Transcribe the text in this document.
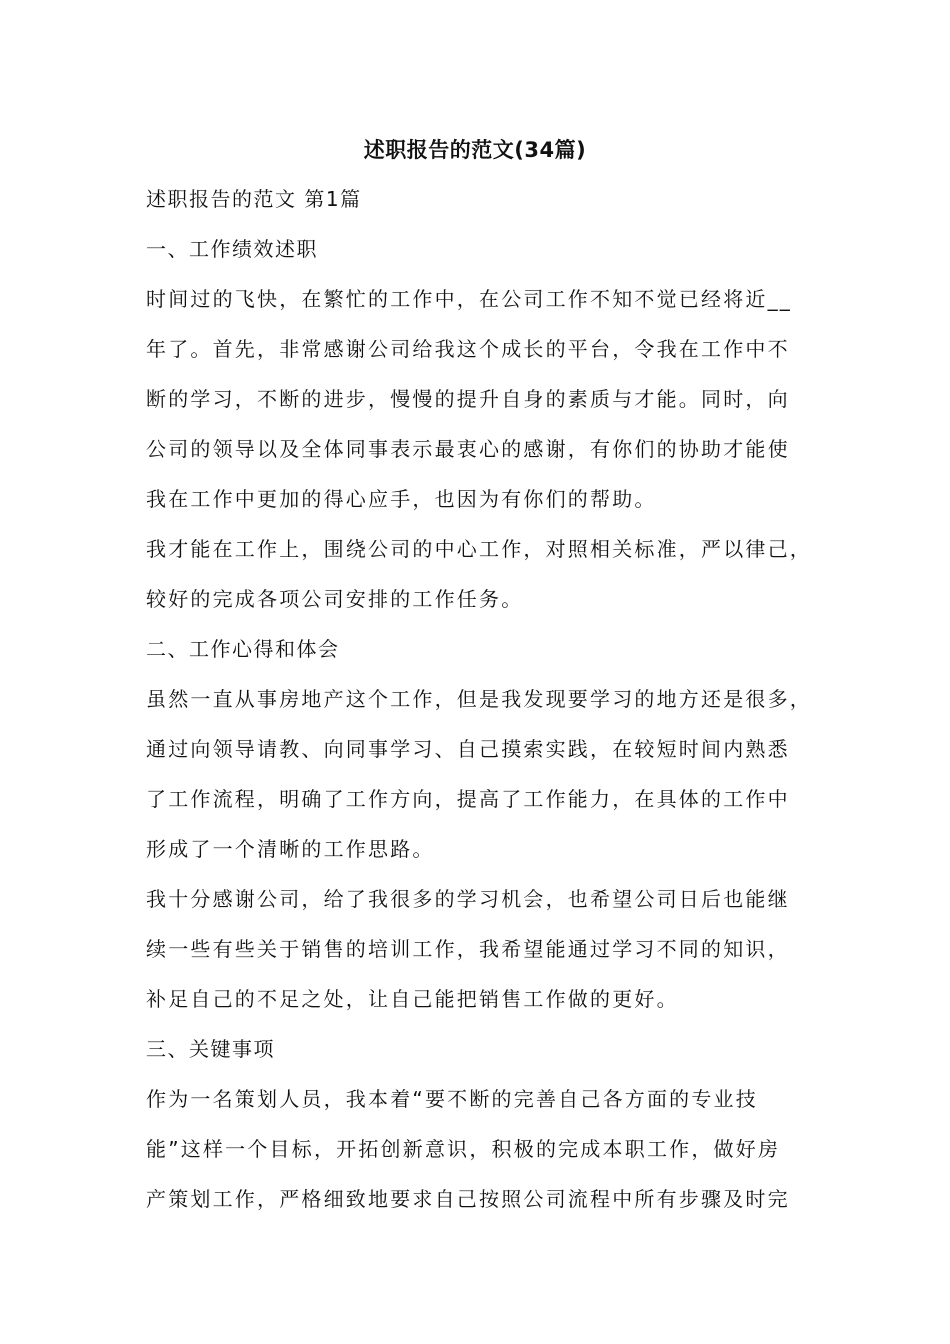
述职报告的范文(34篇)
述职报告的范文 第1篇
一、工作绩效述职
时间过的飞快，在繁忙的工作中，在公司工作不知不觉已经将近__
年了。首先，非常感谢公司给我这个成长的平台，令我在工作中不
断的学习，不断的进步，慢慢的提升自身的素质与才能。同时，向
公司的领导以及全体同事表示最衷心的感谢，有你们的协助才能使
我在工作中更加的得心应手，也因为有你们的帮助。
我才能在工作上，围绕公司的中心工作，对照相关标准，严以律己，
较好的完成各项公司安排的工作任务。
二、工作心得和体会
虽然一直从事房地产这个工作，但是我发现要学习的地方还是很多，
通过向领导请教、向同事学习、自己摸索实践，在较短时间内熟悉
了工作流程，明确了工作方向，提高了工作能力，在具体的工作中
形成了一个清晰的工作思路。
我十分感谢公司，给了我很多的学习机会，也希望公司日后也能继
续一些有些关于销售的培训工作，我希望能通过学习不同的知识，
补足自己的不足之处，让自己能把销售工作做的更好。
三、关键事项
作为一名策划人员，我本着“要不断的完善自己各方面的专业技
能”这样一个目标，开拓创新意识，积极的完成本职工作，做好房
产策划工作，严格细致地要求自己按照公司流程中所有步骤及时完
